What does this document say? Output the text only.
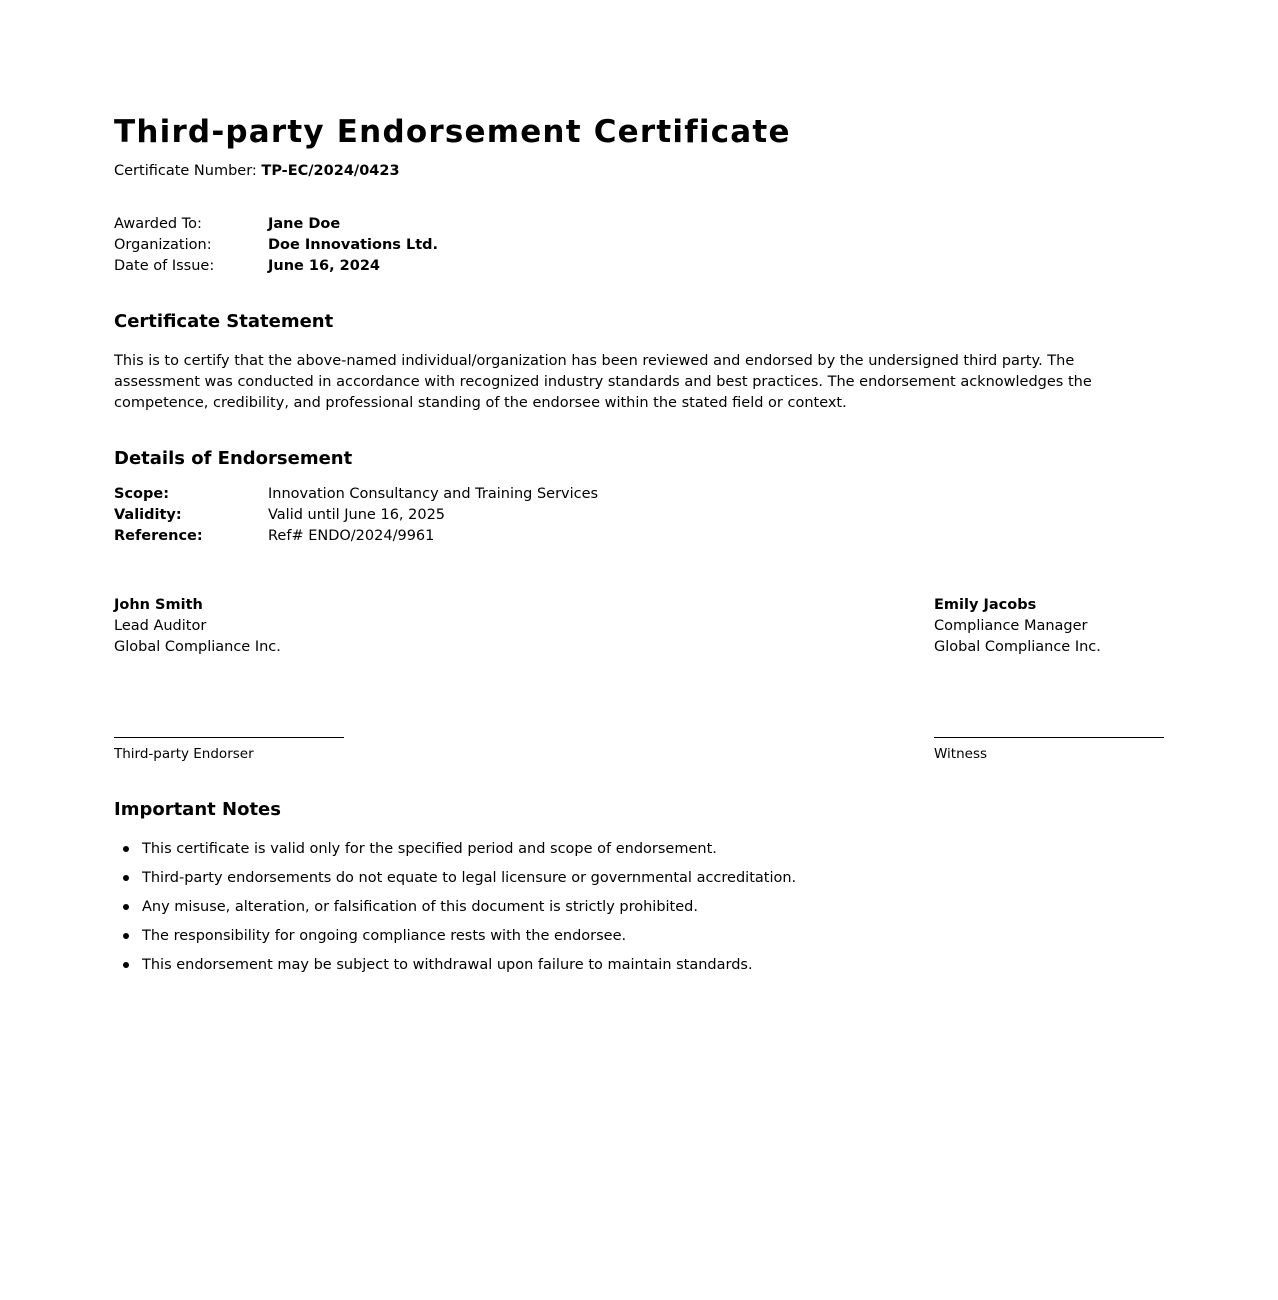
Third-party Endorsement Certificate
Certificate Number: TP-EC/2024/0423
Awarded To:	Jane Doe
Organization:	Doe Innovations Ltd.
Date of Issue:	June 16, 2024
Certificate Statement

This is to certify that the above-named individual/organization has been reviewed and endorsed by the undersigned third party. The assessment was conducted in accordance with recognized industry standards and best practices. The endorsement acknowledges the competence, credibility, and professional standing of the endorsee within the stated field or context.

Details of Endorsement
Scope:	Innovation Consultancy and Training Services
Validity:	Valid until June 16, 2025
Reference:	Ref# ENDO/2024/9961
John Smith
Lead Auditor
Global Compliance Inc.
Emily Jacobs
Compliance Manager
Global Compliance Inc.
Third-party Endorser	Witness
Important Notes
This certificate is valid only for the specified period and scope of endorsement.
Third-party endorsements do not equate to legal licensure or governmental accreditation.
Any misuse, alteration, or falsification of this document is strictly prohibited.
The responsibility for ongoing compliance rests with the endorsee.
This endorsement may be subject to withdrawal upon failure to maintain standards.
